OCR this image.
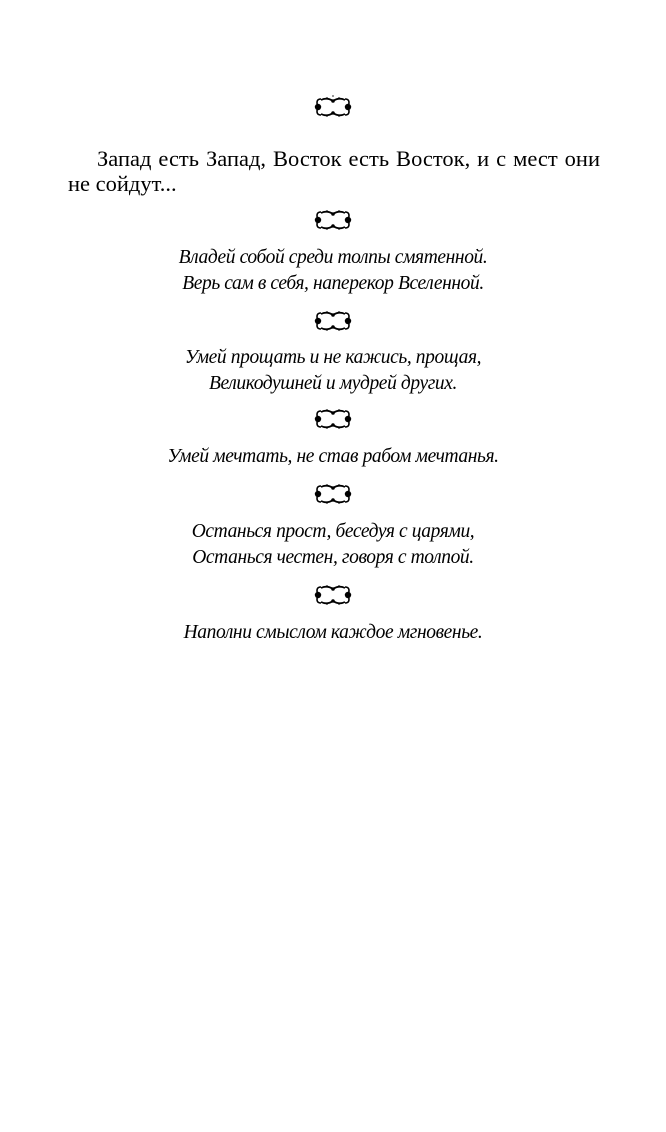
Запад есть Запад, Восток есть Восток, и с мест они не сойдут...

Владей собой среди толпы смятенной.
Верь сам в себя, наперекор Вселенной.

Умей прощать и не кажись, прощая,
Великодушней и мудрей других.

Умей мечтать, не став рабом мечтанья.

Останься прост, беседуя с царями,
Останься честен, говоря с толпой.

Наполни смыслом каждое мгновенье.
